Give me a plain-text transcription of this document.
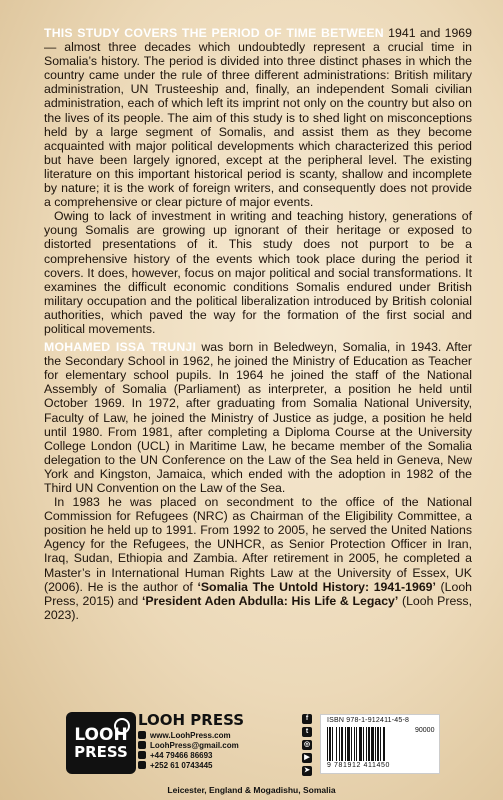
THIS STUDY COVERS THE PERIOD OF TIME BETWEEN 1941 and 1969 — almost three decades which undoubtedly represent a crucial time in Somalia’s history. The period is divided into three distinct phases in which the country came under the rule of three different administrations: British military administration, UN Trusteeship and, finally, an independent Somali civilian administration, each of which left its imprint not only on the country but also on the lives of its people. The aim of this study is to shed light on misconceptions held by a large segment of Somalis, and assist them as they become acquainted with major political developments which characterized this period but have been largely ignored, except at the peripheral level. The existing literature on this important historical period is scanty, shallow and incomplete by nature; it is the work of foreign writers, and consequently does not provide a comprehensive or clear picture of major events.

Owing to lack of investment in writing and teaching history, generations of young Somalis are growing up ignorant of their heritage or exposed to distorted presentations of it. This study does not purport to be a comprehensive history of the events which took place during the period it covers. It does, however, focus on major political and social transformations. It examines the difficult economic conditions Somalis endured under British military occupation and the political liberalization introduced by British colonial authorities, which paved the way for the formation of the first social and political movements.

MOHAMED ISSA TRUNJI was born in Beledweyn, Somalia, in 1943. After the Secondary School in 1962, he joined the Ministry of Education as Teacher for elementary school pupils. In 1964 he joined the staff of the National Assembly of Somalia (Parliament) as interpreter, a position he held until October 1969. In 1972, after graduating from Somalia National University, Faculty of Law, he joined the Ministry of Justice as judge, a position he held until 1980. From 1981, after completing a Diploma Course at the University College London (UCL) in Maritime Law, he became member of the Somalia delegation to the UN Conference on the Law of the Sea held in Geneva, New York and Kingston, Jamaica, which ended with the adoption in 1982 of the Third UN Convention on the Law of the Sea.

In 1983 he was placed on secondment to the office of the National Commission for Refugees (NRC) as Chairman of the Eligibility Committee, a position he held up to 1991. From 1992 to 2005, he served the United Nations Agency for the Refugees, the UNHCR, as Senior Protection Officer in Iran, Iraq, Sudan, Ethiopia and Zambia. After retirement in 2005, he completed a Master’s in International Human Rights Law at the University of Essex, UK (2006). He is the author of ‘Somalia The Untold History: 1941-1969’ (Looh Press, 2015) and ‘President Aden Abdulla: His Life & Legacy’ (Looh Press, 2023).

LOOH
PRESS
LOOH PRESS
www.LoohPress.com
LoohPress@gmail.com
+44 79466 86693
+252 61 0743445
f
t
◎
▶
➤
ISBN 978-1-912411-45-8
90000
9 781912 411450
Leicester, England & Mogadishu, Somalia
